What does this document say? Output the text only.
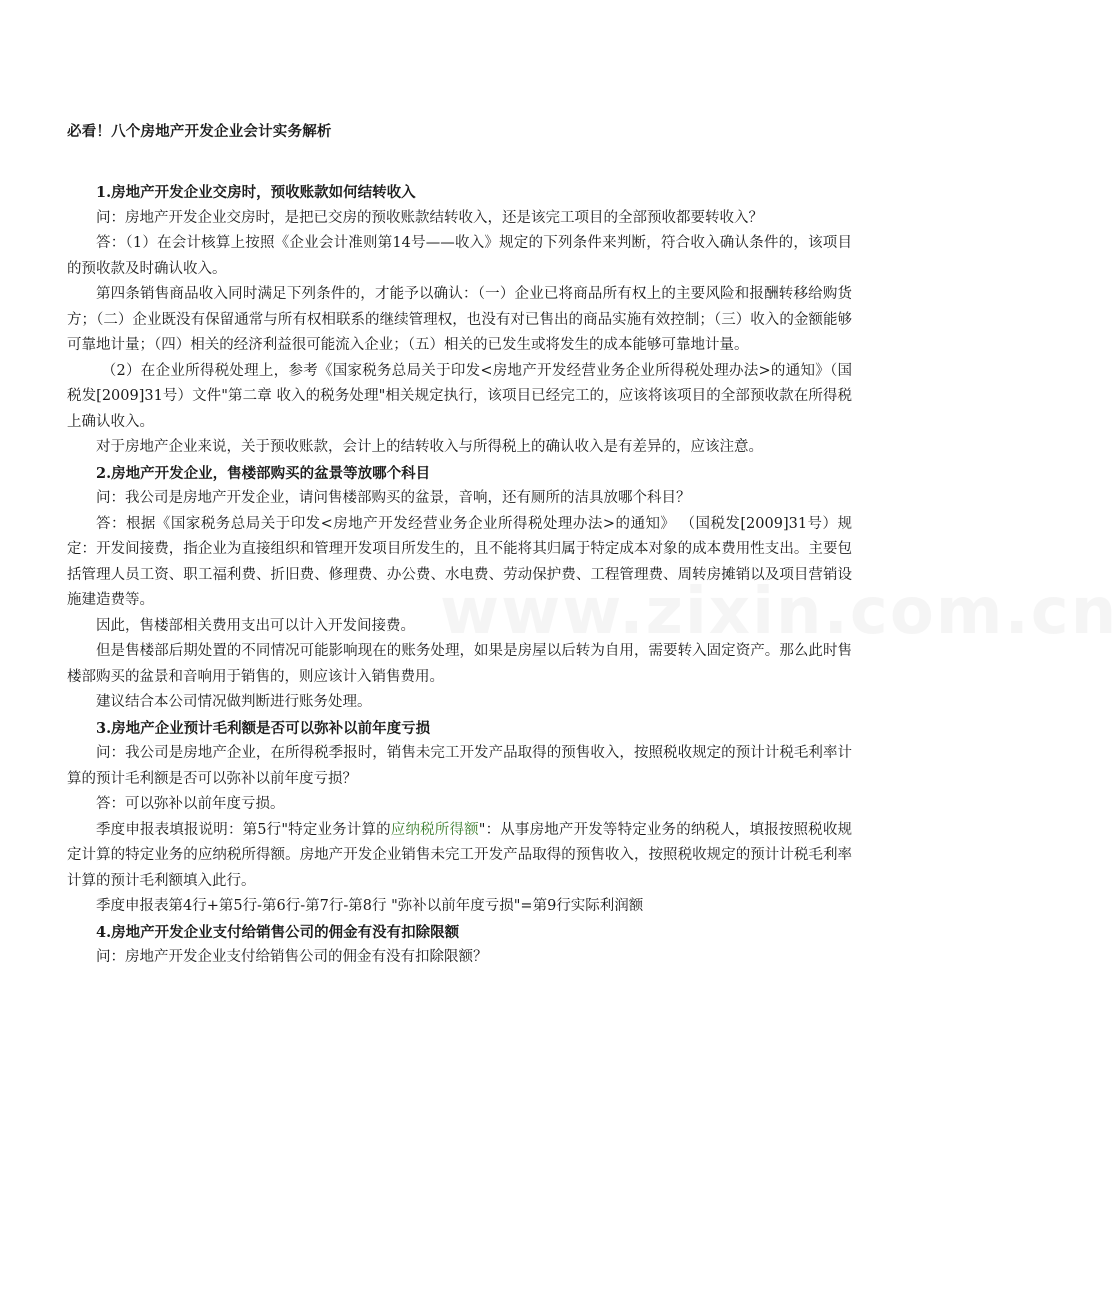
www.zixin.com.cn
必看！八个房地产开发企业会计实务解析

1.房地产开发企业交房时，预收账款如何结转收入

问：房地产开发企业交房时，是把已交房的预收账款结转收入，还是该完工项目的全部预收都要转收入？

答：（1）在会计核算上按照《企业会计准则第14号——收入》规定的下列条件来判断，符合收入确认条件的，该项目的预收款及时确认收入。

第四条销售商品收入同时满足下列条件的，才能予以确认：（一）企业已将商品所有权上的主要风险和报酬转移给购货方；（二）企业既没有保留通常与所有权相联系的继续管理权，也没有对已售出的商品实施有效控制；（三）收入的金额能够可靠地计量；（四）相关的经济利益很可能流入企业；（五）相关的已发生或将发生的成本能够可靠地计量。

（2）在企业所得税处理上，参考《国家税务总局关于印发<房地产开发经营业务企业所得税处理办法>的通知》（国税发[2009]31号）文件"第二章 收入的税务处理"相关规定执行，该项目已经完工的，应该将该项目的全部预收款在所得税上确认收入。

对于房地产企业来说，关于预收账款，会计上的结转收入与所得税上的确认收入是有差异的，应该注意。

2.房地产开发企业，售楼部购买的盆景等放哪个科目

问：我公司是房地产开发企业，请问售楼部购买的盆景，音响，还有厕所的洁具放哪个科目？

答：根据《国家税务总局关于印发<房地产开发经营业务企业所得税处理办法>的通知》 （国税发[2009]31号）规定：开发间接费，指企业为直接组织和管理开发项目所发生的，且不能将其归属于特定成本对象的成本费用性支出。主要包括管理人员工资、职工福利费、折旧费、修理费、办公费、水电费、劳动保护费、工程管理费、周转房摊销以及项目营销设施建造费等。

因此，售楼部相关费用支出可以计入开发间接费。

但是售楼部后期处置的不同情况可能影响现在的账务处理，如果是房屋以后转为自用，需要转入固定资产。那么此时售楼部购买的盆景和音响用于销售的，则应该计入销售费用。

建议结合本公司情况做判断进行账务处理。

3.房地产企业预计毛利额是否可以弥补以前年度亏损

问：我公司是房地产企业，在所得税季报时，销售未完工开发产品取得的预售收入，按照税收规定的预计计税毛利率计算的预计毛利额是否可以弥补以前年度亏损？

答：可以弥补以前年度亏损。

季度申报表填报说明：第5行"特定业务计算的应纳税所得额"：从事房地产开发等特定业务的纳税人，填报按照税收规定计算的特定业务的应纳税所得额。房地产开发企业销售未完工开发产品取得的预售收入，按照税收规定的预计计税毛利率计算的预计毛利额填入此行。

季度申报表第4行+第5行-第6行-第7行-第8行 "弥补以前年度亏损"=第9行实际利润额

4.房地产开发企业支付给销售公司的佣金有没有扣除限额

问：房地产开发企业支付给销售公司的佣金有没有扣除限额？
